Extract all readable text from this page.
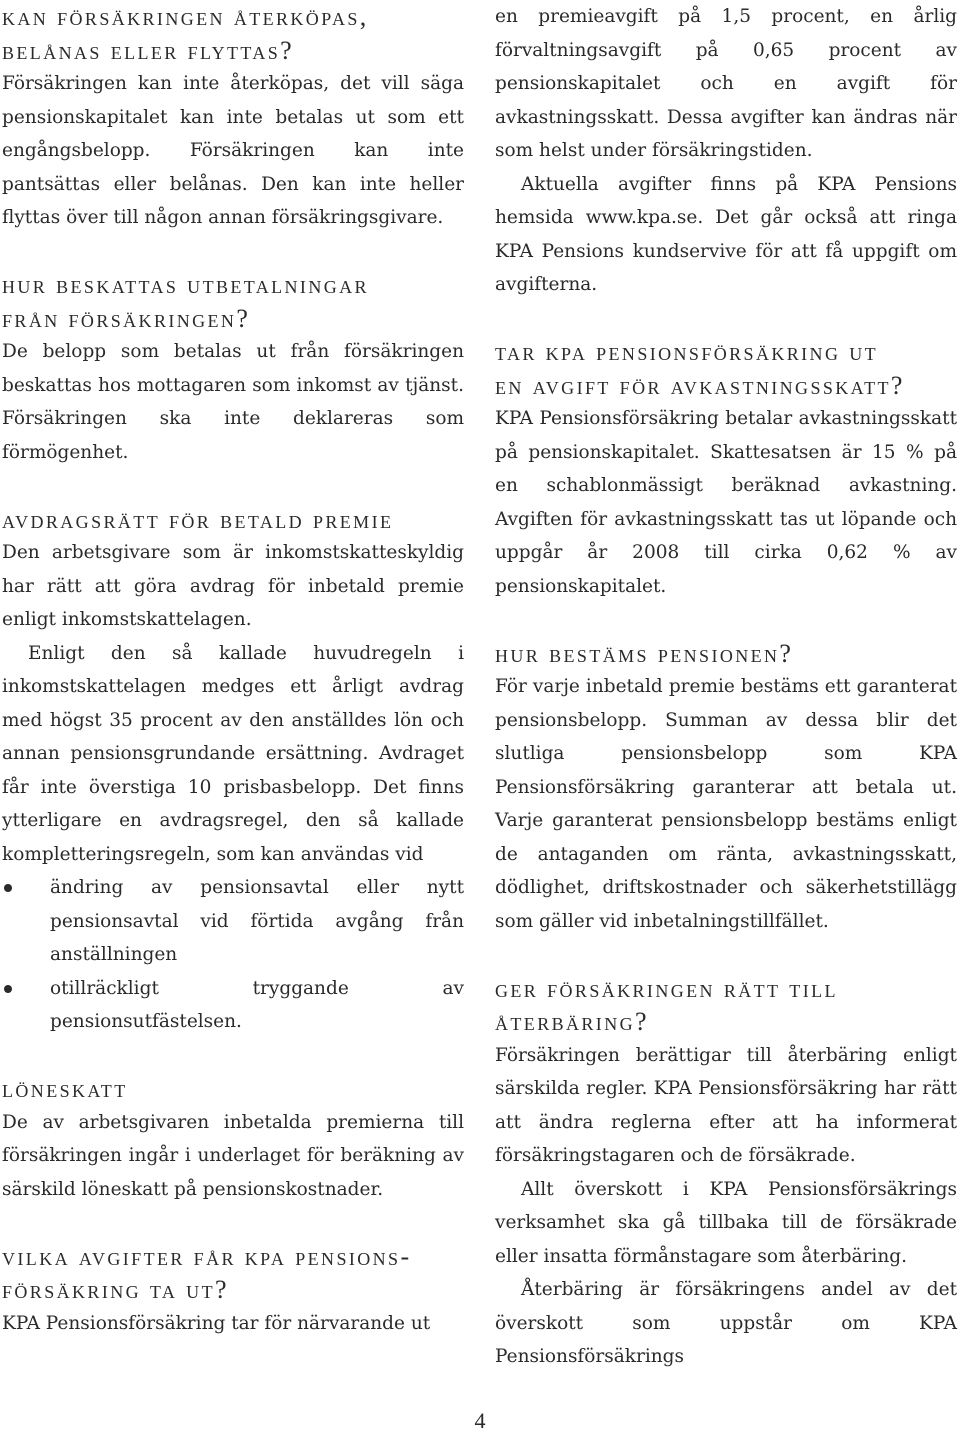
kan försäkringen återköpas,
belånas eller flyttas?

Försäkringen kan inte återköpas, det vill säga pensionskapitalet kan inte betalas ut som ett engångsbelopp. Försäkringen kan inte pantsättas eller belånas. Den kan inte heller flyttas över till någon annan försäkringsgivare.

hur beskattas utbetalningar
från försäkringen?

De belopp som betalas ut från försäkringen beskattas hos mottagaren som inkomst av tjänst. Försäkringen ska inte deklareras som förmögenhet.

avdragsrätt för betald premie

Den arbetsgivare som är inkomstskatteskyldig har rätt att göra avdrag för inbetald premie enligt inkomstskattelagen.

Enligt den så kallade huvudregeln i inkomstskattelagen medges ett årligt avdrag med högst 35 procent av den anställdes lön och annan pensionsgrundande ersättning. Avdraget får inte överstiga 10 prisbasbelopp. Det finns ytterligare en avdragsregel, den så kallade kompletteringsregeln, som kan användas vid

ändring av pensionsavtal eller nytt pensionsavtal vid förtida avgång från anställningen
otillräckligt tryggande av pensionsutfästelsen.
löneskatt

De av arbetsgivaren inbetalda premierna till försäkringen ingår i underlaget för beräkning av särskild löneskatt på pensionskostnader.

vilka avgifter får kpa pensions-
försäkring ta ut?

KPA Pensionsförsäkring tar för närvarande ut

en premieavgift på 1,5 procent, en årlig förvaltningsavgift på 0,65 procent av pensionskapitalet och en avgift för avkastningsskatt. Dessa avgifter kan ändras när som helst under försäkringstiden.

Aktuella avgifter finns på KPA Pensions hemsida www.kpa.se. Det går också att ringa KPA Pensions kundservive för att få uppgift om avgifterna.

tar kpa pensionsförsäkring ut
en avgift för avkastningsskatt?

KPA Pensionsförsäkring betalar avkastningsskatt på pensionskapitalet. Skattesatsen är 15 % på en schablonmässigt beräknad avkastning. Avgiften för avkastningsskatt tas ut löpande och uppgår år 2008 till cirka 0,62 % av pensionskapitalet.

hur bestäms pensionen?

För varje inbetald premie bestäms ett garanterat pensionsbelopp. Summan av dessa blir det slutliga pensionsbelopp som KPA Pensionsförsäkring garanterar att betala ut. Varje garanterat pensionsbelopp bestäms enligt de antaganden om ränta, avkastningsskatt, dödlighet, driftskostnader och säkerhetstillägg som gäller vid inbetalningstillfället.

ger försäkringen rätt till
återbäring?

Försäkringen berättigar till återbäring enligt särskilda regler. KPA Pensionsförsäkring har rätt att ändra reglerna efter att ha informerat försäkringstagaren och de försäkrade.

Allt överskott i KPA Pensionsförsäkrings verksamhet ska gå tillbaka till de försäkrade eller insatta förmånstagare som återbäring.

Återbäring är försäkringens andel av det överskott som uppstår om KPA Pensionsförsäkrings

4
